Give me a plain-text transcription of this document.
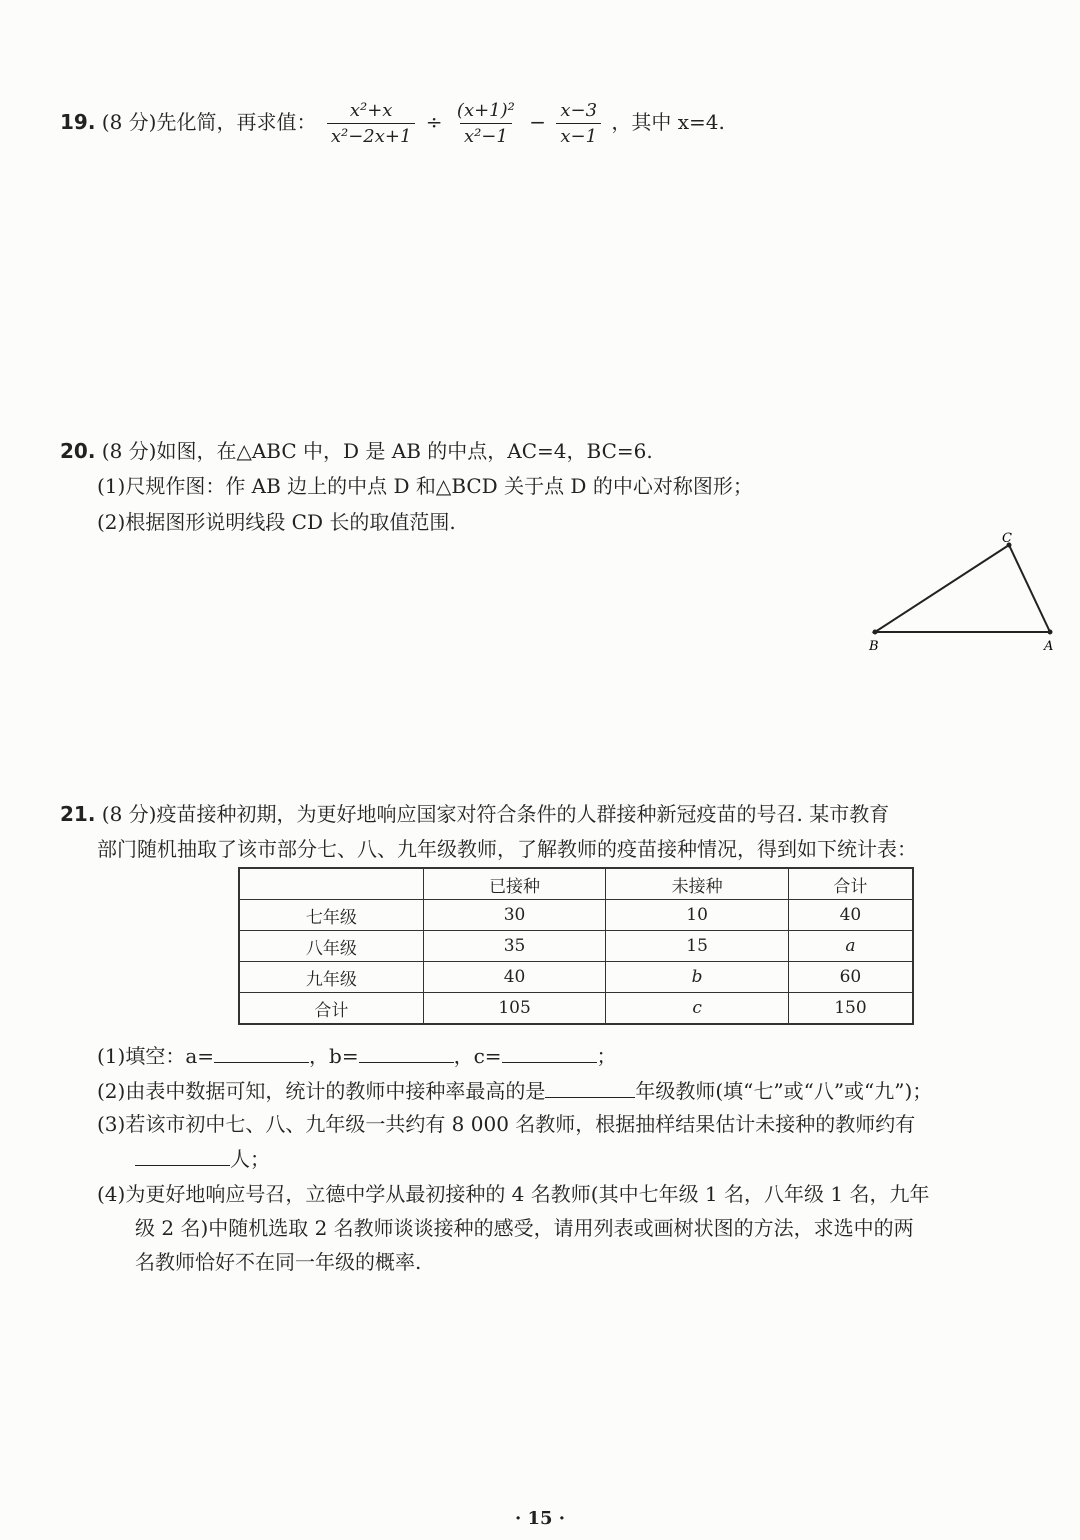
19. (8 分)先化简，再求值： $\frac{\text{x²+x}}{\text{x²−2x+1}} \div \frac{\text{(x+1)²}}{\text{x²−1}} - \frac{x-3}{x-1}$ ，其中 x=4.
20. (8 分)如图，在△ABC 中，D 是 AB 的中点，AC=4，BC=6.
(1)尺规作图：作 AB 边上的中点 D 和△BCD 关于点 D 的中心对称图形；
(2)根据图形说明线段 CD 长的取值范围.
C
B	A
21. (8 分)疫苗接种初期，为更好地响应国家对符合条件的人群接种新冠疫苗的号召. 某市教育
部门随机抽取了该市部分七、八、九年级教师，了解教师的疫苗接种情况，得到如下统计表：
	已接种	未接种	合计
七年级	30	10	40
八年级	35	15	a
九年级	40	b	60
合计	105	c	150
(1)填空：a=	，b=	，c=	；
(2)由表中数据可知，统计的教师中接种率最高的是	年级教师(填“七”或“八”或“九”)；
(3)若该市初中七、八、九年级一共约有 8 000 名教师，根据抽样结果估计未接种的教师约有
人；
(4)为更好地响应号召，立德中学从最初接种的 4 名教师(其中七年级 1 名，八年级 1 名，九年
级 2 名)中随机选取 2 名教师谈谈接种的感受，请用列表或画树状图的方法，求选中的两
名教师恰好不在同一年级的概率.
· 15 ·
